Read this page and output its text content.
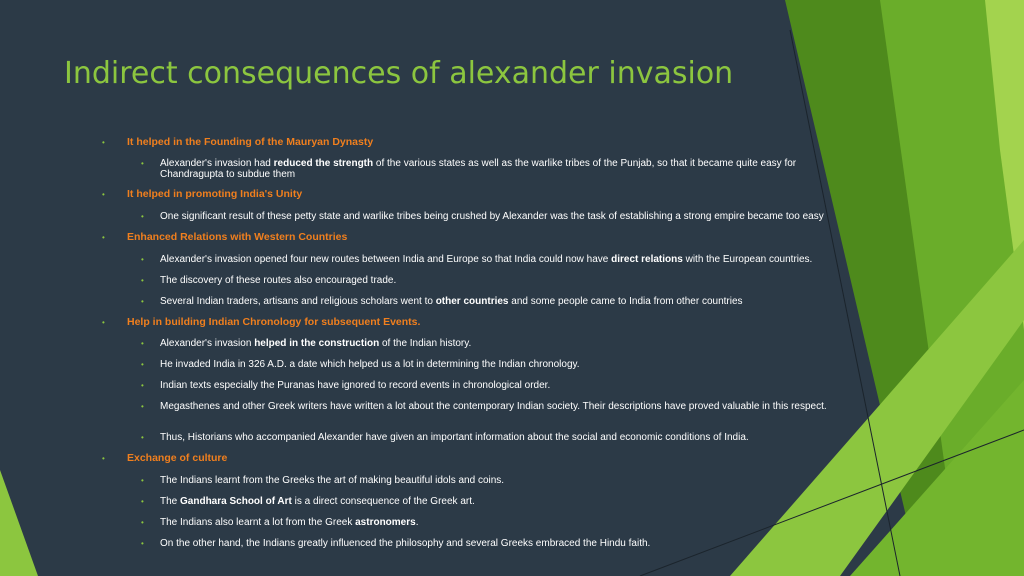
Indirect consequences of alexander invasion
•	It helped in the Founding of the Mauryan Dynasty
•	Alexander's invasion had reduced the strength of the various states as well as the warlike tribes of the Punjab, so that it became quite easy for Chandragupta to subdue them
•	It helped in promoting India's Unity
•	One significant result of these petty state and warlike tribes being crushed by Alexander was the task of establishing a strong empire became too easy
•	Enhanced Relations with Western Countries
•	Alexander's invasion opened four new routes between India and Europe so that India could now have direct relations with the European countries.
•	The discovery of these routes also encouraged trade.
•	Several Indian traders, artisans and religious scholars went to other countries and some people came to India from other countries
•	Help in building Indian Chronology for subsequent Events.
•	Alexander's invasion helped in the construction of the Indian history.
•	He invaded India in 326 A.D. a date which helped us a lot in determining the Indian chronology.
•	Indian texts especially the Puranas have ignored to record events in chronological order.
•	Megasthenes and other Greek writers have written a lot about the contemporary Indian society. Their descriptions have proved valuable in this respect.
•	Thus, Historians who accompanied Alexander have given an important information about the social and economic conditions of India.
•	Exchange of culture
•	The Indians learnt from the Greeks the art of making beautiful idols and coins.
•	The Gandhara School of Art is a direct consequence of the Greek art.
•	The Indians also learnt a lot from the Greek astronomers.
•	On the other hand, the Indians greatly influenced the philosophy and several Greeks embraced the Hindu faith.
